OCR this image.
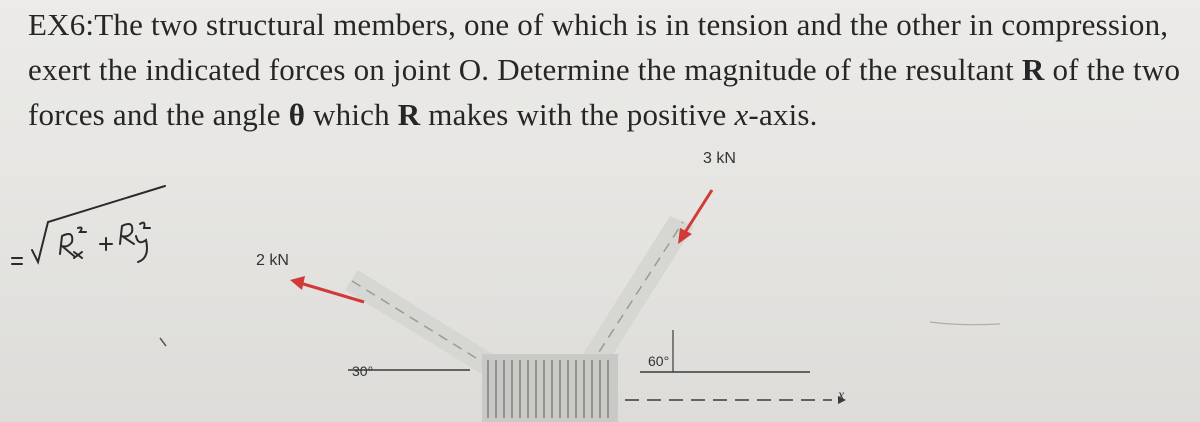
EX6:The two structural members, one of which is in tension and the other in compression, exert the indicated forces on joint O. Determine the magnitude of the resultant R of the two forces and the angle θ which R makes with the positive x-axis.

3 kN
2 kN
30°
60°
x
